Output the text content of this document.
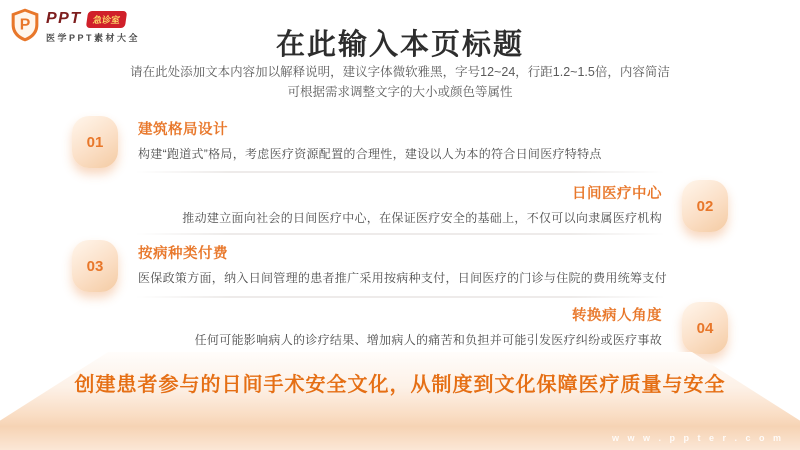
P PPT	急诊室
医学PPT素材大全	在此输入本页标题
请在此处添加文本内容加以解释说明，建议字体微软雅黑，字号12~24，行距1.2~1.5倍，内容简洁
可根据需求调整文字的大小或颜色等属性
01
建筑格局设计
构建“跑道式”格局，考虑医疗资源配置的合理性，建设以人为本的符合日间医疗特特点
02
日间医疗中心
推动建立面向社会的日间医疗中心，在保证医疗安全的基础上，不仅可以向隶属医疗机构
03
按病种类付费
医保政策方面，纳入日间管理的患者推广采用按病种支付，日间医疗的门诊与住院的费用统筹支付
04
转换病人角度
任何可能影响病人的诊疗结果、增加病人的痛苦和负担并可能引发医疗纠纷或医疗事故
创建患者参与的日间手术安全文化，从制度到文化保障医疗质量与安全
w w w . p p t e r . c o m
